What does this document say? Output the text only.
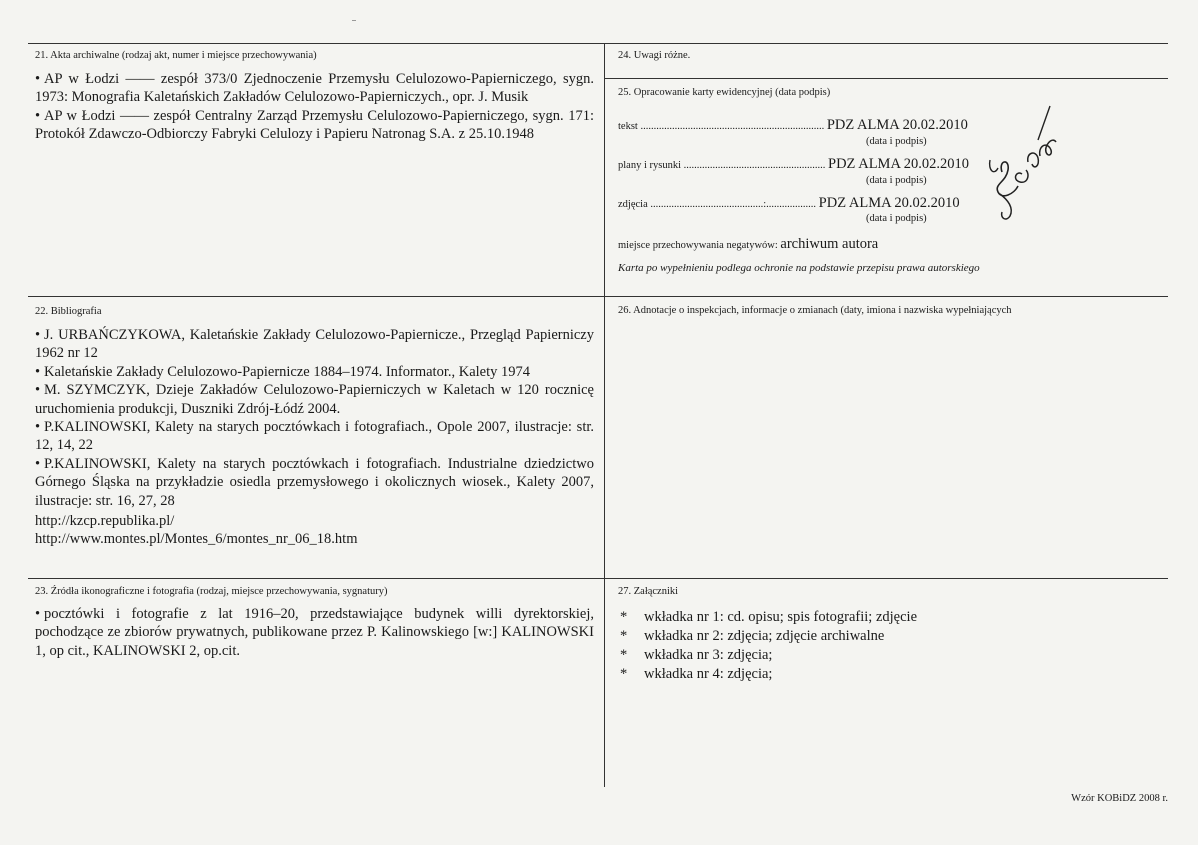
21. Akta archiwalne (rodzaj akt, numer i miejsce przechowywania)
• AP w Łodzi —— zespół 373/0 Zjednoczenie Przemysłu Celulozowo-Papierniczego, sygn. 1973: Monografia Kaletańskich Zakładów Celulozowo-Papierniczych., opr. J. Musik
• AP w Łodzi —— zespół Centralny Zarząd Przemysłu Celulozowo-Papierniczego, sygn. 171: Protokół Zdawczo-Odbiorczy Fabryki Celulozy i Papieru Natronag S.A. z 25.10.1948
24. Uwagi różne.
25. Opracowanie karty ewidencyjnej (data podpis)
tekst ...................................................................... PDZ ALMA 20.02.2010
(data i podpis)
plany i rysunki ...................................................... PDZ ALMA 20.02.2010
(data i podpis)
zdjęcia ...........................................:................... PDZ ALMA 20.02.2010
(data i podpis)
miejsce przechowywania negatywów: archiwum autora
Karta po wypełnieniu podlega ochronie na podstawie przepisu prawa autorskiego
22. Bibliografia
• J. URBAŃCZYKOWA, Kaletańskie Zakłady Celulozowo-Papiernicze., Przegląd Papierniczy 1962 nr 12
• Kaletańskie Zakłady Celulozowo-Papiernicze 1884–1974. Informator., Kalety 1974
• M. SZYMCZYK, Dzieje Zakładów Celulozowo-Papierniczych w Kaletach w 120 rocznicę uruchomienia produkcji, Duszniki Zdrój-Łódź 2004.
• P.KALINOWSKI, Kalety na starych pocztówkach i fotografiach., Opole 2007, ilustracje: str. 12, 14, 22
• P.KALINOWSKI, Kalety na starych pocztówkach i fotografiach. Industrialne dziedzictwo Górnego Śląska na przykładzie osiedla przemysłowego i okolicznych wiosek., Kalety 2007, ilustracje: str. 16, 27, 28
http://kzcp.republika.pl/
http://www.montes.pl/Montes_6/montes_nr_06_18.htm
26. Adnotacje o inspekcjach, informacje o zmianach (daty, imiona i nazwiska wypełniających
23. Źródła ikonograficzne i fotografia (rodzaj, miejsce przechowywania, sygnatury)
• pocztówki i fotografie z lat 1916–20, przedstawiające budynek willi dyrektorskiej, pochodzące ze zbiorów prywatnych, publikowane przez P. Kalinowskiego [w:] KALINOWSKI 1, op cit., KALINOWSKI 2, op.cit.
27. Załączniki
* wkładka nr 1: cd. opisu; spis fotografii; zdjęcie
* wkładka nr 2: zdjęcia; zdjęcie archiwalne
* wkładka nr 3: zdjęcia;
* wkładka nr 4: zdjęcia;
Wzór KOBiDZ 2008 r.
